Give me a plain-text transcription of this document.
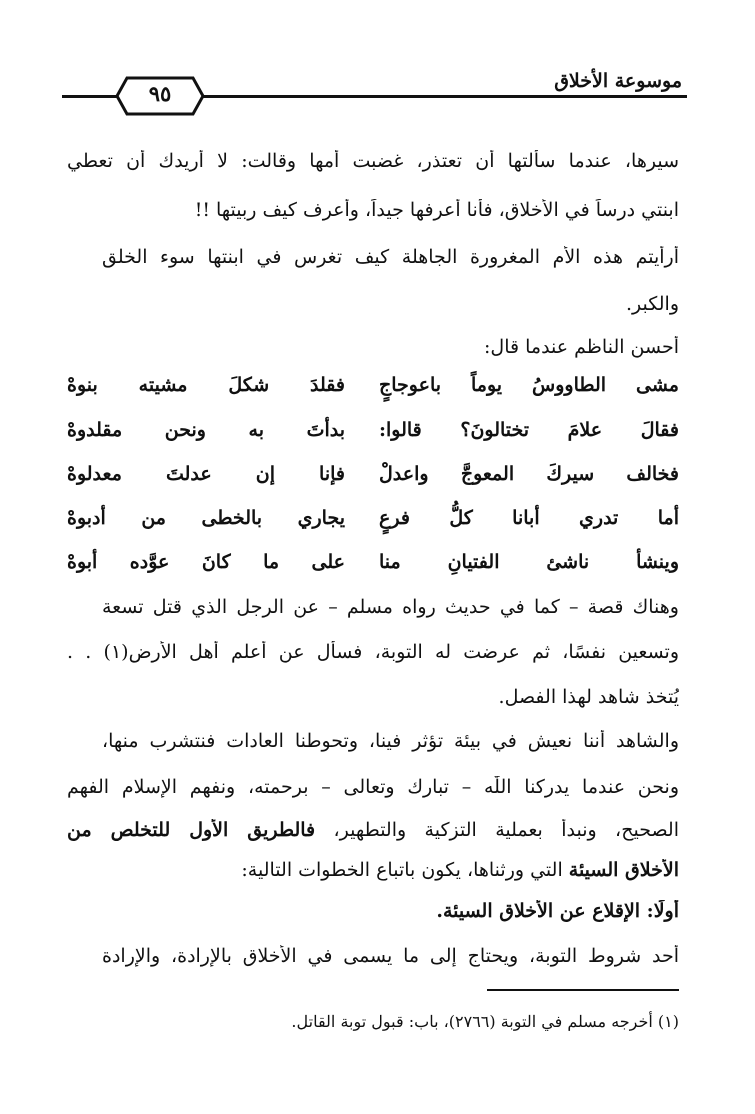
موسوعة الأخلاق
٩٥
سيرها، عندما سألتها أن تعتذر، غضبت أمها وقالت: لا أريدك أن تعطي
ابنتي درساً في الأخلاق، فأنا أعرفها جيداً، وأعرف كيف ربيتها !!
أرأيتم هذه الأم المغرورة الجاهلة كيف تغرس في ابنتها سوء الخلق
والكبر.
أحسن الناظم عندما قال:
مشى الطاووسُ يوماً باعوجاجٍ
فقلدَ شكلَ مشيته بنوهْ
فقالَ علامَ تختالونَ؟ قالوا:
بدأتَ به ونحن مقلدوهْ
فخالف سيركَ المعوجَّ واعدلْ
فإنا إن عدلتَ معدلوهْ
أما تدري أبانا كلُّ فرعٍ
يجاري بالخطى من أدبوهْ
وينشأ ناشئ الفتيانِ منا
على ما كانَ عوَّده أبوهْ
وهناك قصة – كما في حديث رواه مسلم – عن الرجل الذي قتل تسعة
وتسعين نفسًا، ثم عرضت له التوبة، فسأل عن أعلم أهل الأرض(١) . .
يُتخذ شاهد لهذا الفصل.
والشاهد أننا نعيش في بيئة تؤثر فينا، وتحوطنا العادات فنتشرب منها،
ونحن عندما يدركنا اللّٰه – تبارك وتعالى – برحمته، ونفهم الإسلام الفهم
الصحيح، ونبدأ بعملية التزكية والتطهير، فالطريق الأول للتخلص من
الأخلاق السيئة التي ورثناها، يكون باتباع الخطوات التالية:
أولًا: الإقلاع عن الأخلاق السيئة.
أحد شروط التوبة، ويحتاج إلى ما يسمى في الأخلاق بالإرادة، والإرادة
(١) أخرجه مسلم في التوبة (٢٧٦٦)، باب: قبول توبة القاتل.
